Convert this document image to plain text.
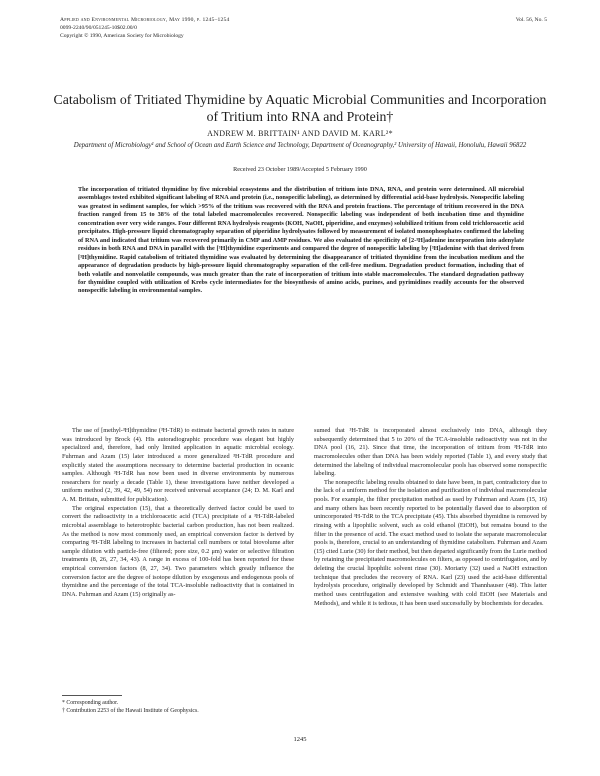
Applied and Environmental Microbiology, May 1990, p. 1245–1254	Vol. 56, No. 5
0099-2240/90/051245-10$02.00/0
Copyright © 1990, American Society for Microbiology
Catabolism of Tritiated Thymidine by Aquatic Microbial Communities and Incorporation of Tritium into RNA and Protein†
ANDREW M. BRITTAIN¹ AND DAVID M. KARL²*
Department of Microbiology¹ and School of Ocean and Earth Science and Technology, Department of Oceanography,² University of Hawaii, Honolulu, Hawaii 96822
Received 23 October 1989/Accepted 5 February 1990
The incorporation of tritiated thymidine by five microbial ecosystems and the distribution of tritium into DNA, RNA, and protein were determined. All microbial assemblages tested exhibited significant labeling of RNA and protein (i.e., nonspecific labeling), as determined by differential acid-base hydrolysis. Nonspecific labeling was greatest in sediment samples, for which >95% of the tritium was recovered with the RNA and protein fractions. The percentage of tritium recovered in the DNA fraction ranged from 15 to 38% of the total labeled macromolecules recovered. Nonspecific labeling was independent of both incubation time and thymidine concentration over very wide ranges. Four different RNA hydrolysis reagents (KOH, NaOH, piperidine, and enzymes) solubilized tritium from cold trichloroacetic acid precipitates. High-pressure liquid chromatography separation of piperidine hydrolysates followed by measurement of isolated monophosphates confirmed the labeling of RNA and indicated that tritium was recovered primarily in CMP and AMP residues. We also evaluated the specificity of [2-³H]adenine incorporation into adenylate residues in both RNA and DNA in parallel with the [³H]thymidine experiments and compared the degree of nonspecific labeling by [³H]adenine with that derived from [³H]thymidine. Rapid catabolism of tritiated thymidine was evaluated by determining the disappearance of tritiated thymidine from the incubation medium and the appearance of degradation products by high-pressure liquid chromatography separation of the cell-free medium. Degradation product formation, including that of both volatile and nonvolatile compounds, was much greater than the rate of incorporation of tritium into stable macromolecules. The standard degradation pathway for thymidine coupled with utilization of Krebs cycle intermediates for the biosynthesis of amino acids, purines, and pyrimidines readily accounts for the observed nonspecific labeling in environmental samples.

The use of [methyl-³H]thymidine (³H-TdR) to estimate bacterial growth rates in nature was introduced by Brock (4). His autoradiographic procedure was elegant but highly specialized and, therefore, had only limited application in aquatic microbial ecology. Fuhrman and Azam (15) later introduced a more generalized ³H-TdR procedure and explicitly stated the assumptions necessary to determine bacterial production in oceanic samples. Although ³H-TdR has now been used in diverse environments by numerous researchers for nearly a decade (Table 1), these investigations have neither developed a uniform method (2, 39, 42, 49, 54) nor received universal acceptance (24; D. M. Karl and A. M. Brittain, submitted for publication).

The original expectation (15), that a theoretically derived factor could be used to convert the radioactivity in a trichloroacetic acid (TCA) precipitate of a ³H-TdR-labeled microbial assemblage to heterotrophic bacterial carbon production, has not been realized. As the method is now most commonly used, an empirical conversion factor is derived by comparing ³H-TdR labeling to increases in bacterial cell numbers or total biovolume after sample dilution with particle-free (filtered; pore size, 0.2 μm) water or selective filtration treatments (8, 26, 27, 34, 43). A range in excess of 100-fold has been reported for these empirical conversion factors (8, 27, 34). Two parameters which greatly influence the conversion factor are the degree of isotope dilution by exogenous and endogenous pools of thymidine and the percentage of the total TCA-insoluble radioactivity that is contained in DNA. Fuhrman and Azam (15) originally as-

sumed that ³H-TdR is incorporated almost exclusively into DNA, although they subsequently determined that 5 to 20% of the TCA-insoluble radioactivity was not in the DNA pool (16, 21). Since that time, the incorporation of tritium from ³H-TdR into macromolecules other than DNA has been widely reported (Table 1), and every study that determined the labeling of individual macromolecular pools has observed some nonspecific labeling.

The nonspecific labeling results obtained to date have been, in part, contradictory due to the lack of a uniform method for the isolation and purification of individual macromolecular pools. For example, the filter precipitation method as used by Fuhrman and Azam (15, 16) and many others has been recently reported to be potentially flawed due to absorption of unincorporated ³H-TdR to the TCA precipitate (45). This absorbed thymidine is removed by rinsing with a lipophilic solvent, such as cold ethanol (EtOH), but remains bound to the filter in the presence of acid. The exact method used to isolate the separate macromolecular pools is, therefore, crucial to an understanding of thymidine catabolism. Fuhrman and Azam (15) cited Lurie (30) for their method, but then departed significantly from the Lurie method by retaining the precipitated macromolecules on filters, as opposed to centrifugation, and by deleting the crucial lipophilic solvent rinse (30). Moriarty (32) used a NaOH extraction technique that precludes the recovery of RNA. Karl (23) used the acid-base differential hydrolysis procedure, originally developed by Schmidt and Thannhauser (48). This latter method uses centrifugation and extensive washing with cold EtOH (see Materials and Methods), and while it is tedious, it has been used successfully by biochemists for decades.

* Corresponding author.
† Contribution 2253 of the Hawaii Institute of Geophysics.
1245
